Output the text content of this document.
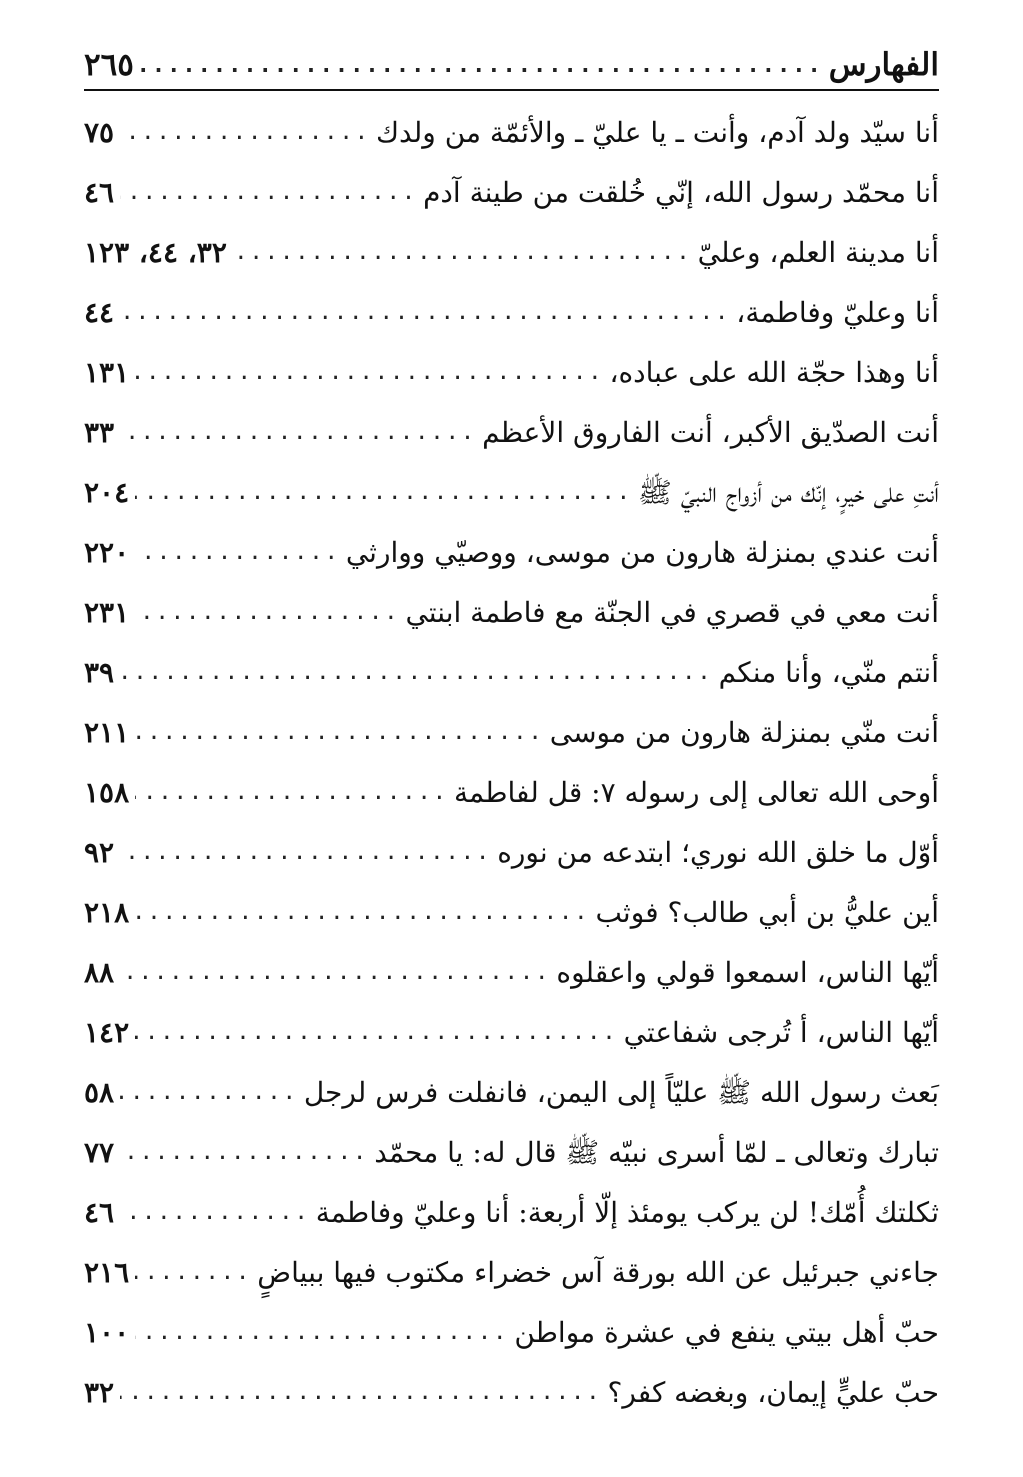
الفهارس
.....
٢٦٥
أنا سيّد ولد آدم، وأنت ـ يا عليّ ـ والأئمّة من ولدك
.....
٧٥
أنا محمّد رسول الله، إنّي خُلقت من طينة آدم
.....
٤٦
أنا مدينة العلم، وعليّ
.....
٣٢، ٤٤، ١٢٣
أنا وعليّ وفاطمة،
.....
٤٤
أنا وهذا حجّة الله على عباده،
.....
١٣١
أنت الصدّيق الأكبر، أنت الفاروق الأعظم
.....
٣٣
أنتِ على خيرٍ، إنّك من أزواج النبيّ ﷺ
.....
٢٠٤
أنت عندي بمنزلة هارون من موسى، ووصيّي ووارثي
.....
٢٢٠
أنت معي في قصري في الجنّة مع فاطمة ابنتي
.....
٢٣١
أنتم منّي، وأنا منكم
.....
٣٩
أنت منّي بمنزلة هارون من موسى
.....
٢١١
أوحى الله تعالى إلى رسوله ٧: قل لفاطمة
.....
١٥٨
أوّل ما خلق الله نوري؛ ابتدعه من نوره
.....
٩٢
أين عليُّ بن أبي طالب؟ فوثب
.....
٢١٨
أيّها الناس، اسمعوا قولي واعقلوه
.....
٨٨
أيّها الناس، أ تُرجى شفاعتي
.....
١٤٢
بَعث رسول الله ﷺ عليّاً إلى اليمن، فانفلت فرس لرجل
.....
٥٨
تبارك وتعالى ـ لمّا أسرى نبيّه ﷺ قال له: يا محمّد
.....
٧٧
ثكلتك أُمّك! لن يركب يومئذ إلّا أربعة: أنا وعليّ وفاطمة
.....
٤٦
جاءني جبرئيل عن الله بورقة آس خضراء مكتوب فيها ببياضٍ
.....
٢١٦
حبّ أهل بيتي ينفع في عشرة مواطن
.....
١٠٠
حبّ عليٍّ إيمان، وبغضه كفر؟
.....
٣٢
